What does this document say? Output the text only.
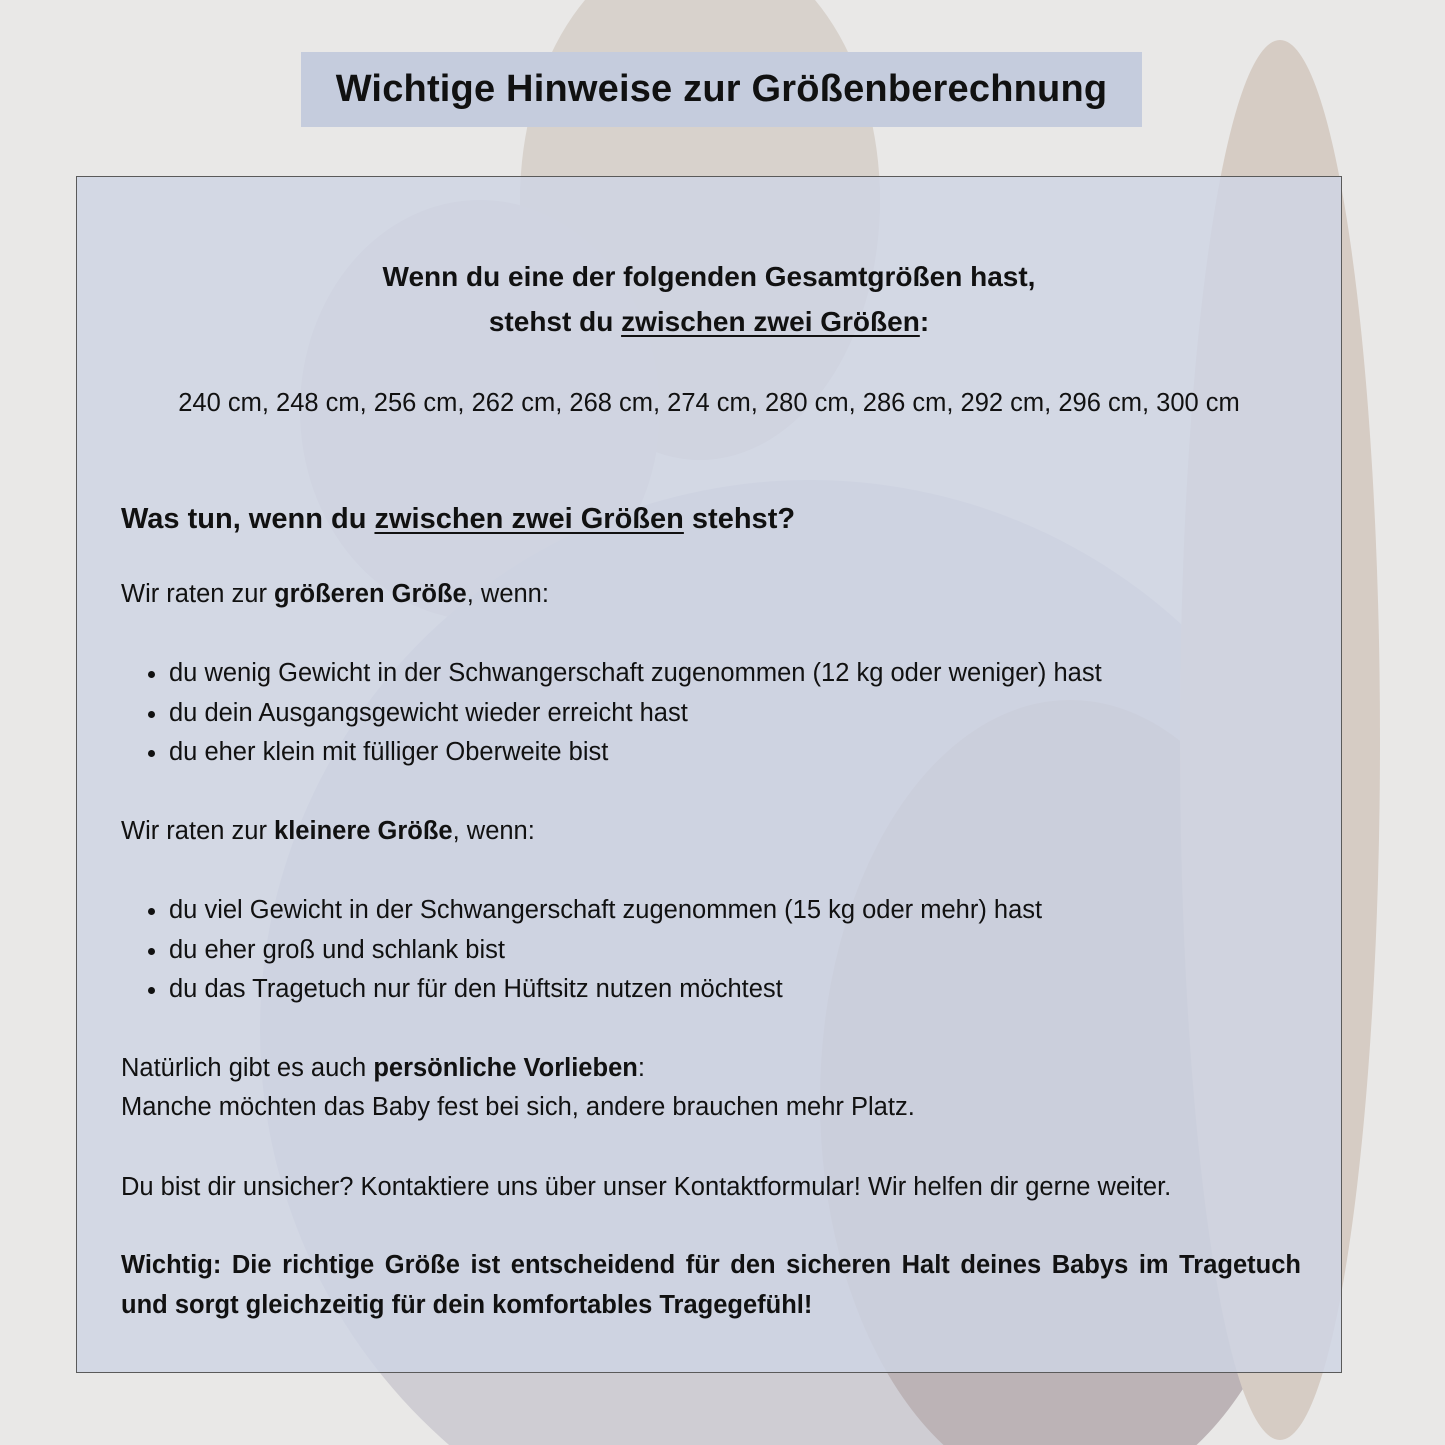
Wichtige Hinweise zur Größenberechnung
Wenn du eine der folgenden Gesamtgrößen hast,
stehst du zwischen zwei Größen:
240 cm, 248 cm, 256 cm, 262 cm, 268 cm, 274 cm, 280 cm, 286 cm, 292 cm, 296 cm, 300 cm
Was tun, wenn du zwischen zwei Größen stehst?

Wir raten zur größeren Größe, wenn:

• du wenig Gewicht in der Schwangerschaft zugenommen (12 kg oder weniger) hast
• du dein Ausgangsgewicht wieder erreicht hast
• du eher klein mit fülliger Oberweite bist

Wir raten zur kleinere Größe, wenn:

• du viel Gewicht in der Schwangerschaft zugenommen (15 kg oder mehr) hast
• du eher groß und schlank bist
• du das Tragetuch nur für den Hüftsitz nutzen möchtest

Natürlich gibt es auch persönliche Vorlieben:
Manche möchten das Baby fest bei sich, andere brauchen mehr Platz.

Du bist dir unsicher? Kontaktiere uns über unser Kontaktformular! Wir helfen dir gerne weiter.

Wichtig: Die richtige Größe ist entscheidend für den sicheren Halt deines Babys im Tragetuch und sorgt gleichzeitig für dein komfortables Tragegefühl!
